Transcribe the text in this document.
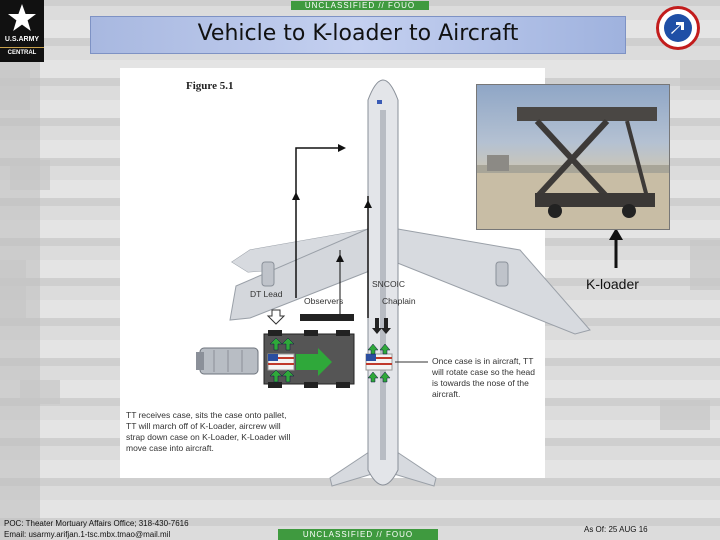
UNCLASSIFIED // FOUO
U.S.ARMY
CENTRAL
Vehicle to K-loader to Aircraft
Figure 5.1
DT Lead
Observers
SNCOIC
Chaplain
Once case is in aircraft, TT will rotate case so the head is towards the nose of the aircraft.
TT receives case, sits the case onto pallet, TT will march off of K-Loader, aircrew will strap down case on K-Loader, K-Loader will move case into aircraft.
K-loader
POC: Theater Mortuary Affairs Office; 318-430-7616
Email: usarmy.arifjan.1-tsc.mbx.tmao@mail.mil	UNCLASSIFIED // FOUO
As Of: 25 AUG 16
